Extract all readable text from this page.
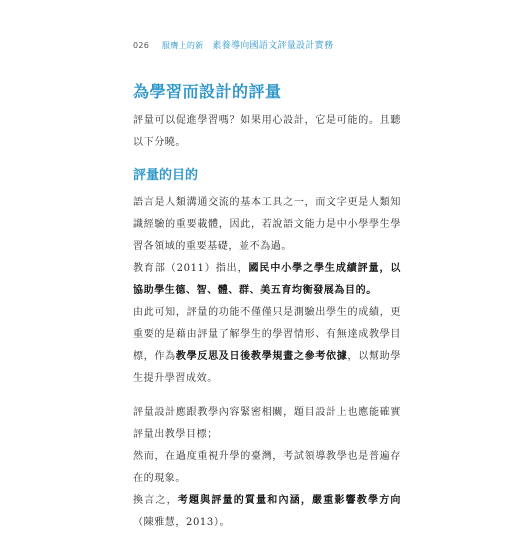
026 服膺上的新 素養導向國語文評量設計實務
為學習而設計的評量

評量可以促進學習嗎？如果用心設計，它是可能的。且聽以下分曉。

評量的目的

語言是人類溝通交流的基本工具之一，而文字更是人類知識經驗的重要載體，因此，若說語文能力是中小學學生學習各領域的重要基礎，並不為過。

教育部（2011）指出，國民中小學之學生成績評量，以協助學生德、智、體、群、美五育均衡發展為目的。

由此可知，評量的功能不僅僅只是測驗出學生的成績，更重要的是藉由評量了解學生的學習情形、有無達成教學目標，作為教學反思及日後教學規畫之參考依據，以幫助學生提升學習成效。

評量設計應跟教學內容緊密相關，題目設計上也應能確實評量出教學目標；

然而，在過度重視升學的臺灣，考試領導教學也是普遍存在的現象。

換言之，考題與評量的質量和內涵，嚴重影響教學方向（陳雅慧，2013）。
